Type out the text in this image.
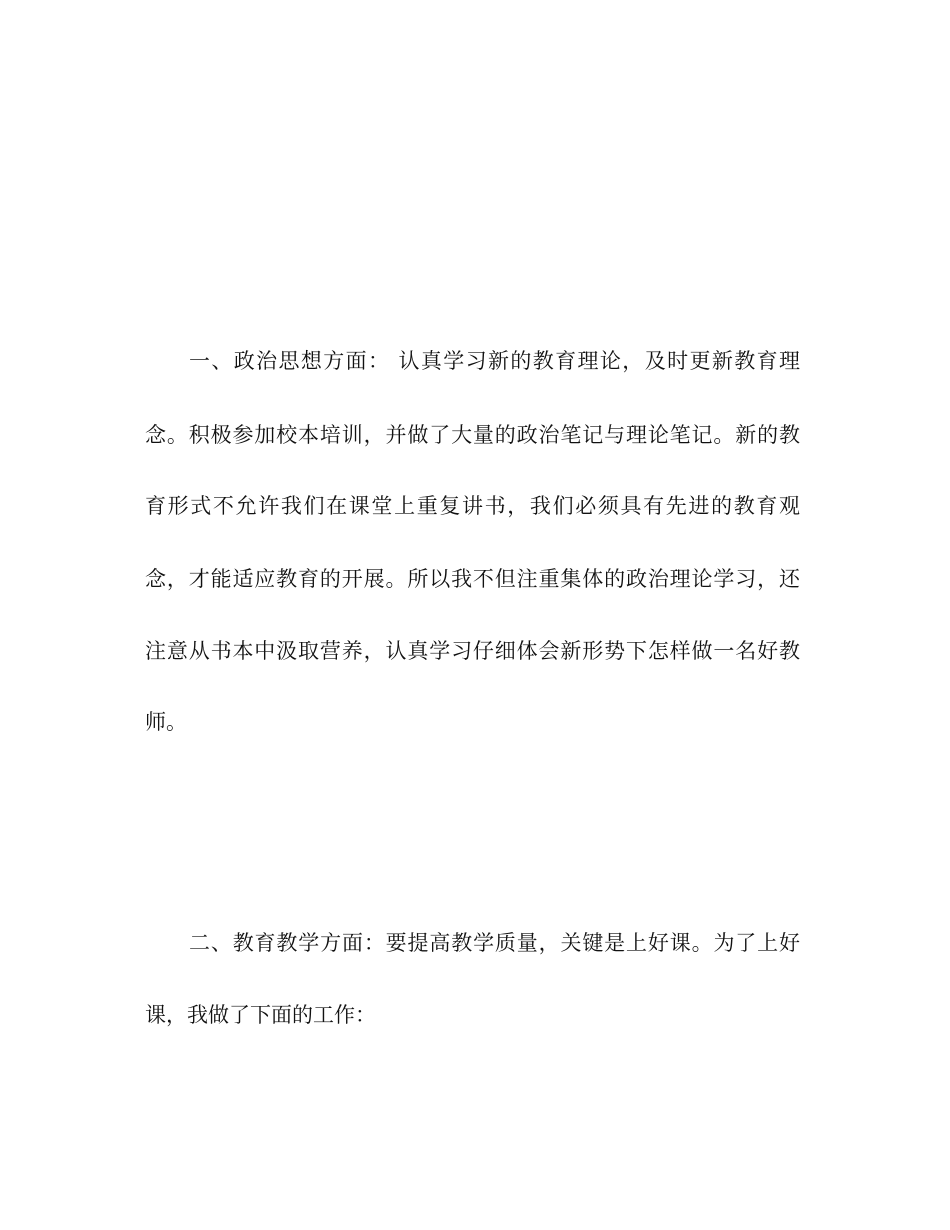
一、政治思想方面： 认真学习新的教育理论，及时更新教育理
念。积极参加校本培训，并做了大量的政治笔记与理论笔记。新的教
育形式不允许我们在课堂上重复讲书，我们必须具有先进的教育观
念，才能适应教育的开展。所以我不但注重集体的政治理论学习，还
注意从书本中汲取营养，认真学习仔细体会新形势下怎样做一名好教
师。
二、教育教学方面：要提高教学质量，关键是上好课。为了上好
课，我做了下面的工作：
